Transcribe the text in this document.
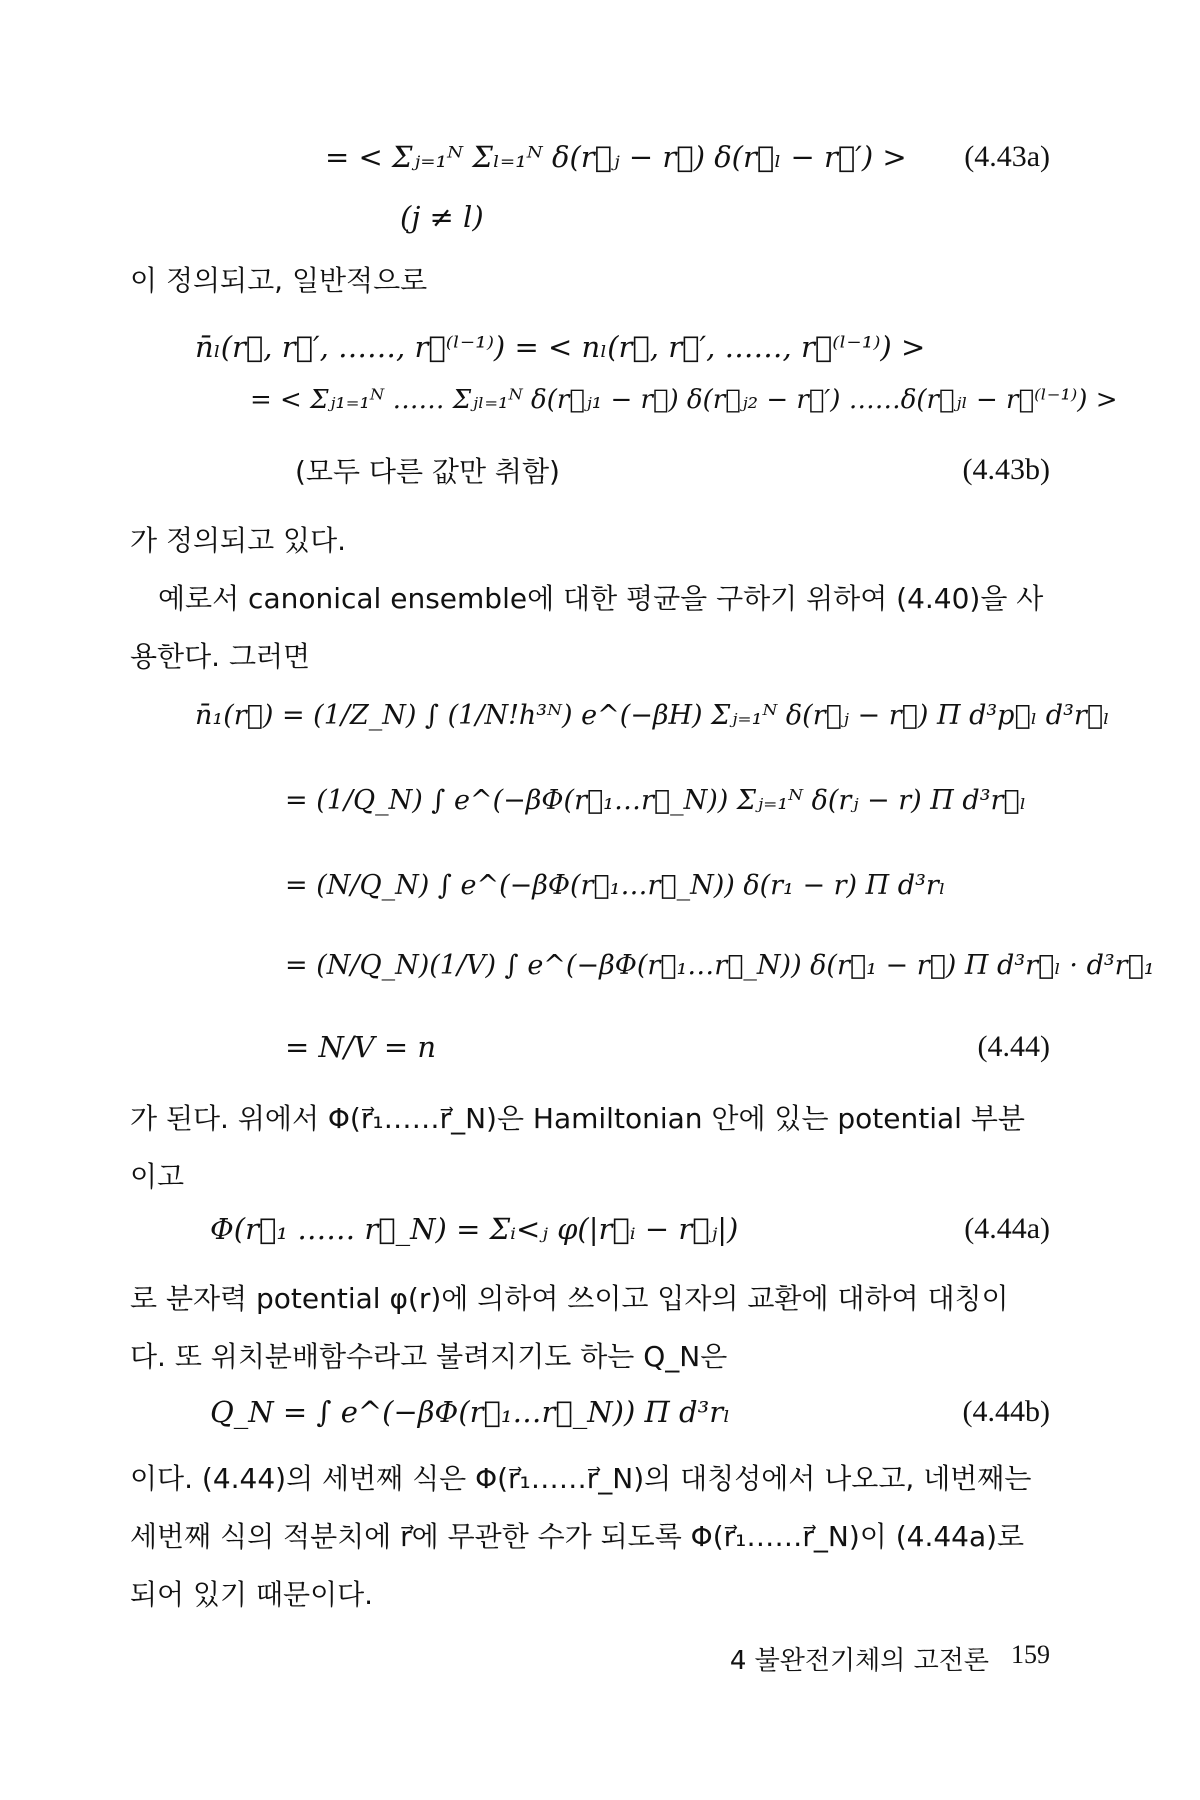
= < Σⱼ₌₁ᴺ Σₗ₌₁ᴺ δ(r⃗ⱼ − r⃗) δ(r⃗ₗ − r⃗′) > (4.43a)
(j ≠ l)
이 정의되고, 일반적으로
n̄ₗ(r⃗, r⃗′, ……, r⃗⁽ˡ⁻¹⁾) = < nₗ(r⃗, r⃗′, ……, r⃗⁽ˡ⁻¹⁾) >
= < Σⱼ₁₌₁ᴺ …… Σⱼₗ₌₁ᴺ δ(r⃗ⱼ₁ − r⃗) δ(r⃗ⱼ₂ − r⃗′) ……δ(r⃗ⱼₗ − r⃗⁽ˡ⁻¹⁾) >
(모두 다른 값만 취함)	(4.43b)
가 정의되고 있다.
예로서 canonical ensemble에 대한 평균을 구하기 위하여 (4.40)을 사
용한다. 그러면
n̄₁(r⃗) = (1/Z_N) ∫ (1/N!h³ᴺ) e^(−βH) Σⱼ₌₁ᴺ δ(r⃗ⱼ − r⃗) Π d³p⃗ₗ d³r⃗ₗ
= (1/Q_N) ∫ e^(−βΦ(r⃗₁…r⃗_N)) Σⱼ₌₁ᴺ δ(rⱼ − r) Π d³r⃗ₗ
= (N/Q_N) ∫ e^(−βΦ(r⃗₁…r⃗_N)) δ(r₁ − r) Π d³rₗ
= (N/Q_N)(1/V) ∫ e^(−βΦ(r⃗₁…r⃗_N)) δ(r⃗₁ − r⃗) Π d³r⃗ₗ · d³r⃗₁
= N/V = n	(4.44)
가 된다. 위에서 Φ(r⃗₁……r⃗_N)은 Hamiltonian 안에 있는 potential 부분
이고
Φ(r⃗₁ …… r⃗_N) = Σᵢ<ⱼ φ(|r⃗ᵢ − r⃗ⱼ|)	(4.44a)
로 분자력 potential φ(r)에 의하여 쓰이고 입자의 교환에 대하여 대칭이
다. 또 위치분배함수라고 불려지기도 하는 Q_N은
Q_N = ∫ e^(−βΦ(r⃗₁…r⃗_N)) Π d³rₗ	(4.44b)
이다. (4.44)의 세번째 식은 Φ(r⃗₁……r⃗_N)의 대칭성에서 나오고, 네번째는
세번째 식의 적분치에 r⃗에 무관한 수가 되도록 Φ(r⃗₁……r⃗_N)이 (4.44a)로
되어 있기 때문이다.
4 불완전기체의 고전론 159
